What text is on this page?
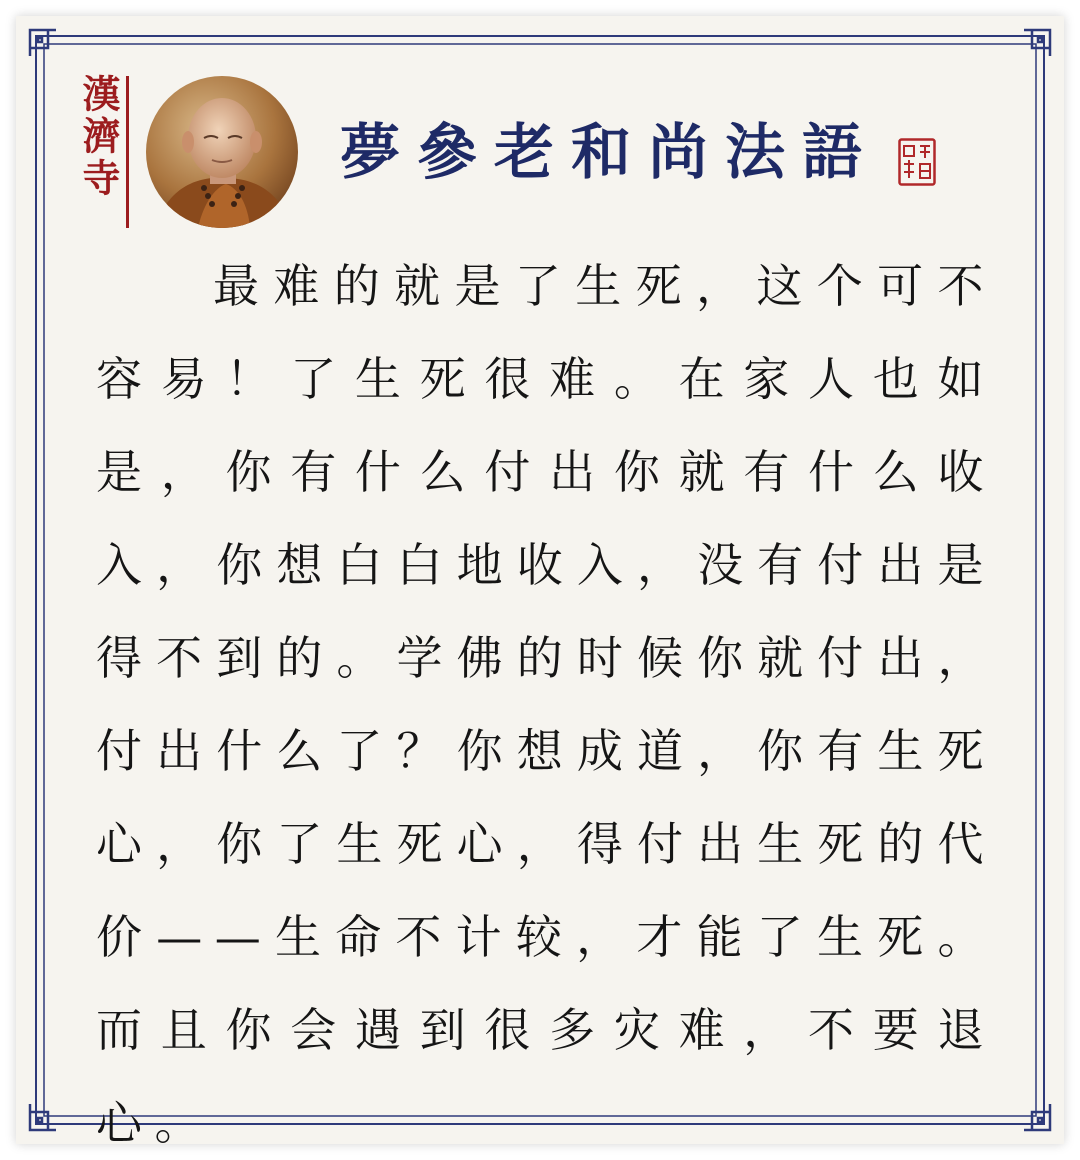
漢濟寺	夢參老和尚法語
最难的就是了生死，这个可不容易！了生死很难。在家人也如是，你有什么付出你就有什么收入，你想白白地收入，没有付出是得不到的。学佛的时候你就付出，付出什么了？你想成道，你有生死心，你了生死心，得付出生死的代价——生命不计较，才能了生死。而且你会遇到很多灾难，不要退心。
